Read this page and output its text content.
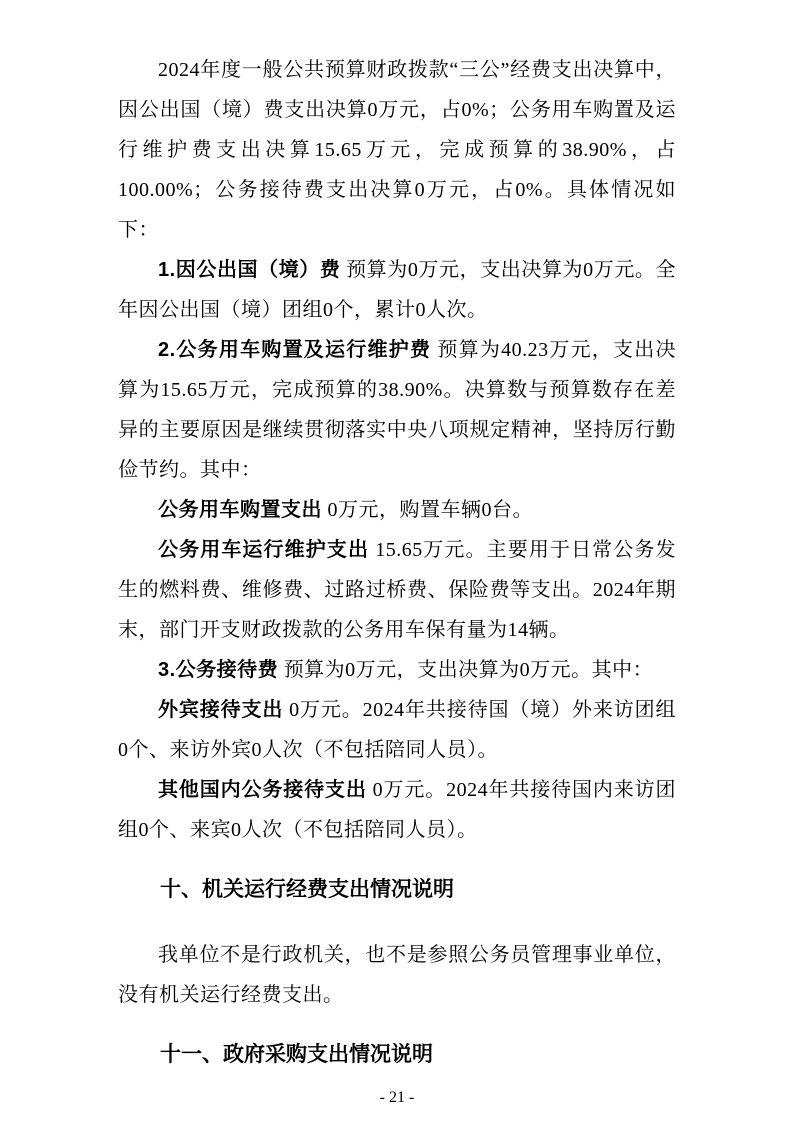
2024年度一般公共预算财政拨款“三公”经费支出决算中，因公出国（境）费支出决算0万元，占0%；公务用车购置及运行维护费支出决算15.65万元，完成预算的38.90%，占100.00%；公务接待费支出决算0万元，占0%。具体情况如下：

1.因公出国（境）费 预算为0万元，支出决算为0万元。全年因公出国（境）团组0个，累计0人次。

2.公务用车购置及运行维护费 预算为40.23万元，支出决算为15.65万元，完成预算的38.90%。决算数与预算数存在差异的主要原因是继续贯彻落实中央八项规定精神，坚持厉行勤俭节约。其中：

公务用车购置支出 0万元，购置车辆0台。

公务用车运行维护支出 15.65万元。主要用于日常公务发生的燃料费、维修费、过路过桥费、保险费等支出。2024年期末，部门开支财政拨款的公务用车保有量为14辆。

3.公务接待费 预算为0万元，支出决算为0万元。其中：

外宾接待支出 0万元。2024年共接待国（境）外来访团组0个、来访外宾0人次（不包括陪同人员）。

其他国内公务接待支出 0万元。2024年共接待国内来访团组0个、来宾0人次（不包括陪同人员）。

十、机关运行经费支出情况说明

我单位不是行政机关，也不是参照公务员管理事业单位，没有机关运行经费支出。

十一、政府采购支出情况说明
- 21 -
